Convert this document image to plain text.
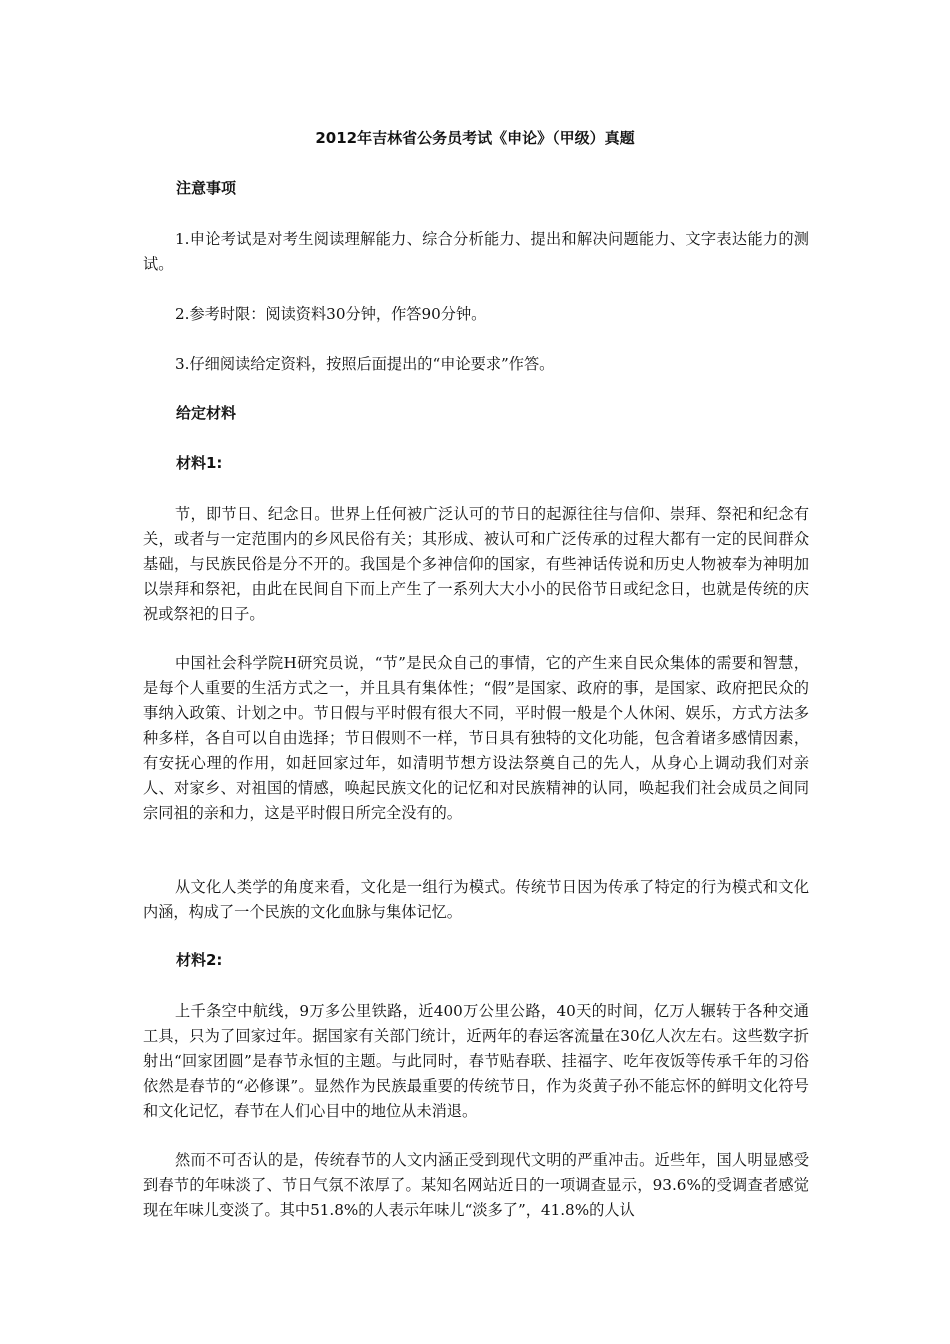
2012年吉林省公务员考试《申论》（甲级）真题
注意事项

1.申论考试是对考生阅读理解能力、综合分析能力、提出和解决问题能力、文字表达能力的测试。

2.参考时限：阅读资料30分钟，作答90分钟。

3.仔细阅读给定资料，按照后面提出的“申论要求”作答。

给定材料
材料1:

节，即节日、纪念日。世界上任何被广泛认可的节日的起源往往与信仰、崇拜、祭祀和纪念有关，或者与一定范围内的乡风民俗有关；其形成、被认可和广泛传承的过程大都有一定的民间群众基础，与民族民俗是分不开的。我国是个多神信仰的国家，有些神话传说和历史人物被奉为神明加以崇拜和祭祀，由此在民间自下而上产生了一系列大大小小的民俗节日或纪念日，也就是传统的庆祝或祭祀的日子。

中国社会科学院H研究员说，“节”是民众自己的事情，它的产生来自民众集体的需要和智慧，是每个人重要的生活方式之一，并且具有集体性；“假”是国家、政府的事，是国家、政府把民众的事纳入政策、计划之中。节日假与平时假有很大不同，平时假一般是个人休闲、娱乐，方式方法多种多样，各自可以自由选择；节日假则不一样，节日具有独特的文化功能，包含着诸多感情因素，有安抚心理的作用，如赶回家过年，如清明节想方设法祭奠自己的先人，从身心上调动我们对亲人、对家乡、对祖国的情感，唤起民族文化的记忆和对民族精神的认同，唤起我们社会成员之间同宗同祖的亲和力，这是平时假日所完全没有的。

从文化人类学的角度来看，文化是一组行为模式。传统节日因为传承了特定的行为模式和文化内涵，构成了一个民族的文化血脉与集体记忆。

材料2:

上千条空中航线，9万多公里铁路，近400万公里公路，40天的时间，亿万人辗转于各种交通工具，只为了回家过年。据国家有关部门统计，近两年的春运客流量在30亿人次左右。这些数字折射出“回家团圆”是春节永恒的主题。与此同时，春节贴春联、挂福字、吃年夜饭等传承千年的习俗依然是春节的“必修课”。显然作为民族最重要的传统节日，作为炎黄子孙不能忘怀的鲜明文化符号和文化记忆，春节在人们心目中的地位从未消退。

然而不可否认的是，传统春节的人文内涵正受到现代文明的严重冲击。近些年，国人明显感受到春节的年味淡了、节日气氛不浓厚了。某知名网站近日的一项调查显示，93.6%的受调查者感觉现在年味儿变淡了。其中51.8%的人表示年味儿“淡多了”，41.8%的人认
